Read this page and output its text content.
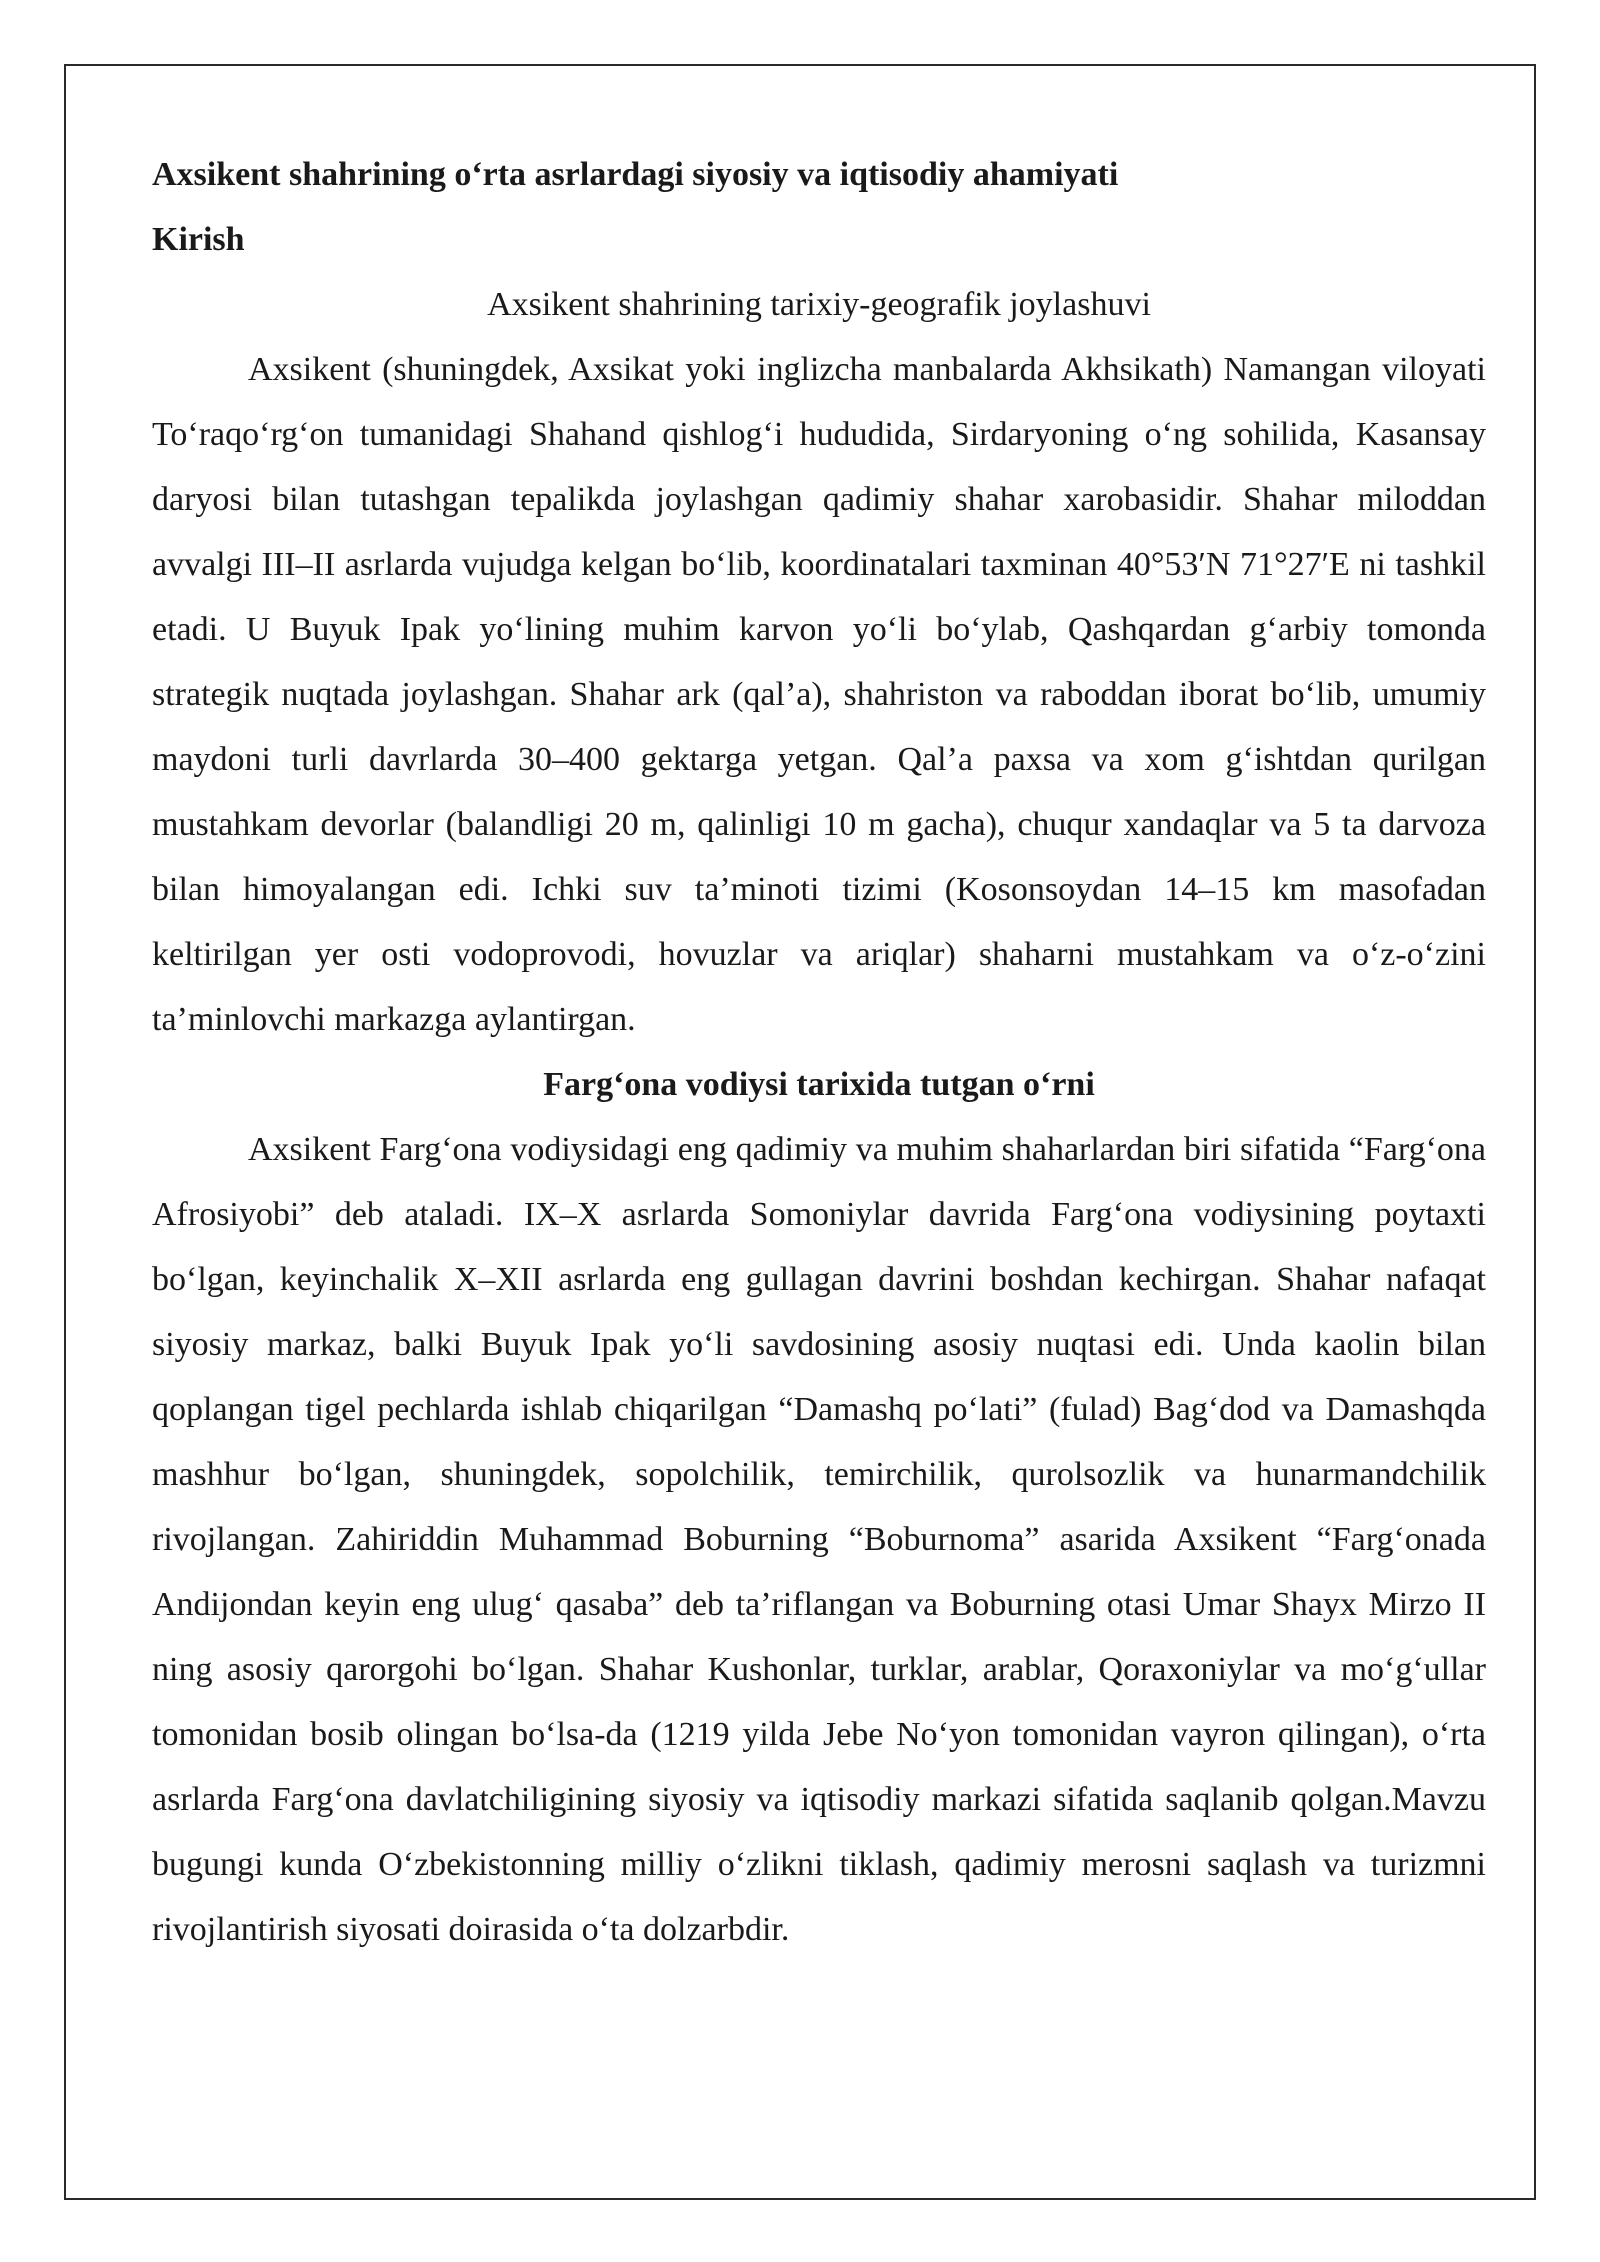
Axsikent shahrining oʻrta asrlardagi siyosiy va iqtisodiy ahamiyati

Kirish

Axsikent shahrining tarixiy-geografik joylashuvi

Axsikent (shuningdek, Axsikat yoki inglizcha manbalarda Akhsikath) Namangan viloyati Toʻraqoʻrgʻon tumanidagi Shahand qishlogʻi hududida, Sirdaryoning oʻng sohilida, Kasansay daryosi bilan tutashgan tepalikda joylashgan qadimiy shahar xarobasidir. Shahar miloddan avvalgi III–II asrlarda vujudga kelgan boʻlib, koordinatalari taxminan 40°53′N 71°27′E ni tashkil etadi. U Buyuk Ipak yoʻlining muhim karvon yoʻli boʻylab, Qashqardan gʻarbiy tomonda strategik nuqtada joylashgan. Shahar ark (qal’a), shahriston va raboddan iborat boʻlib, umumiy maydoni turli davrlarda 30–400 gektarga yetgan. Qal’a paxsa va xom gʻishtdan qurilgan mustahkam devorlar (balandligi 20 m, qalinligi 10 m gacha), chuqur xandaqlar va 5 ta darvoza bilan himoyalangan edi. Ichki suv ta’minoti tizimi (Kosonsoydan 14–15 km masofadan keltirilgan yer osti vodoprovodi, hovuzlar va ariqlar) shaharni mustahkam va oʻz-oʻzini ta’minlovchi markazga aylantirgan.

Fargʻona vodiysi tarixida tutgan oʻrni

Axsikent Fargʻona vodiysidagi eng qadimiy va muhim shaharlardan biri sifatida “Fargʻona Afrosiyobi” deb ataladi. IX–X asrlarda Somoniylar davrida Fargʻona vodiysining poytaxti boʻlgan, keyinchalik X–XII asrlarda eng gullagan davrini boshdan kechirgan. Shahar nafaqat siyosiy markaz, balki Buyuk Ipak yoʻli savdosining asosiy nuqtasi edi. Unda kaolin bilan qoplangan tigel pechlarda ishlab chiqarilgan “Damashq poʻlati” (fulad) Bagʻdod va Damashqda mashhur boʻlgan, shuningdek, sopolchilik, temirchilik, qurolsozlik va hunarmandchilik rivojlangan. Zahiriddin Muhammad Boburning “Boburnoma” asarida Axsikent “Fargʻonada Andijondan keyin eng ulugʻ qasaba” deb ta’riflangan va Boburning otasi Umar Shayx Mirzo II ning asosiy qarorgohi boʻlgan. Shahar Kushonlar, turklar, arablar, Qoraxoniylar va moʻgʻullar tomonidan bosib olingan boʻlsa-da (1219 yilda Jebe Noʻyon tomonidan vayron qilingan), oʻrta asrlarda Fargʻona davlatchiligining siyosiy va iqtisodiy markazi sifatida saqlanib qolgan.Mavzu bugungi kunda Oʻzbekistonning milliy oʻzlikni tiklash, qadimiy merosni saqlash va turizmni rivojlantirish siyosati doirasida oʻta dolzarbdir.
